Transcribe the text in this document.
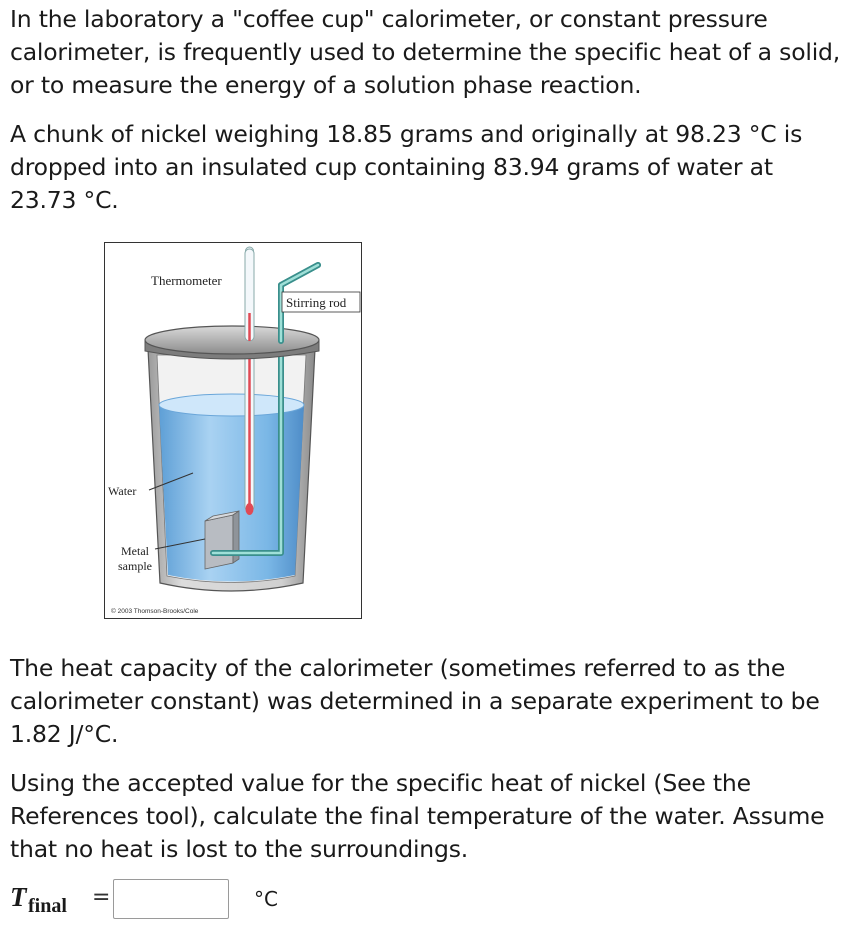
In the laboratory a "coffee cup" calorimeter, or constant pressure calorimeter, is frequently used to determine the specific heat of a solid, or to measure the energy of a solution phase reaction.

A chunk of nickel weighing 18.85 grams and originally at 98.23 °C is dropped into an insulated cup containing 83.94 grams of water at 23.73 °C.

Thermometer
Stirring rod
Water
Metal
sample
© 2003 Thomson-Brooks/Cole

The heat capacity of the calorimeter (sometimes referred to as the calorimeter constant) was determined in a separate experiment to be 1.82 J/°C.

Using the accepted value for the specific heat of nickel (See the References tool), calculate the final temperature of the water. Assume that no heat is lost to the surroundings.

T final =	°C
